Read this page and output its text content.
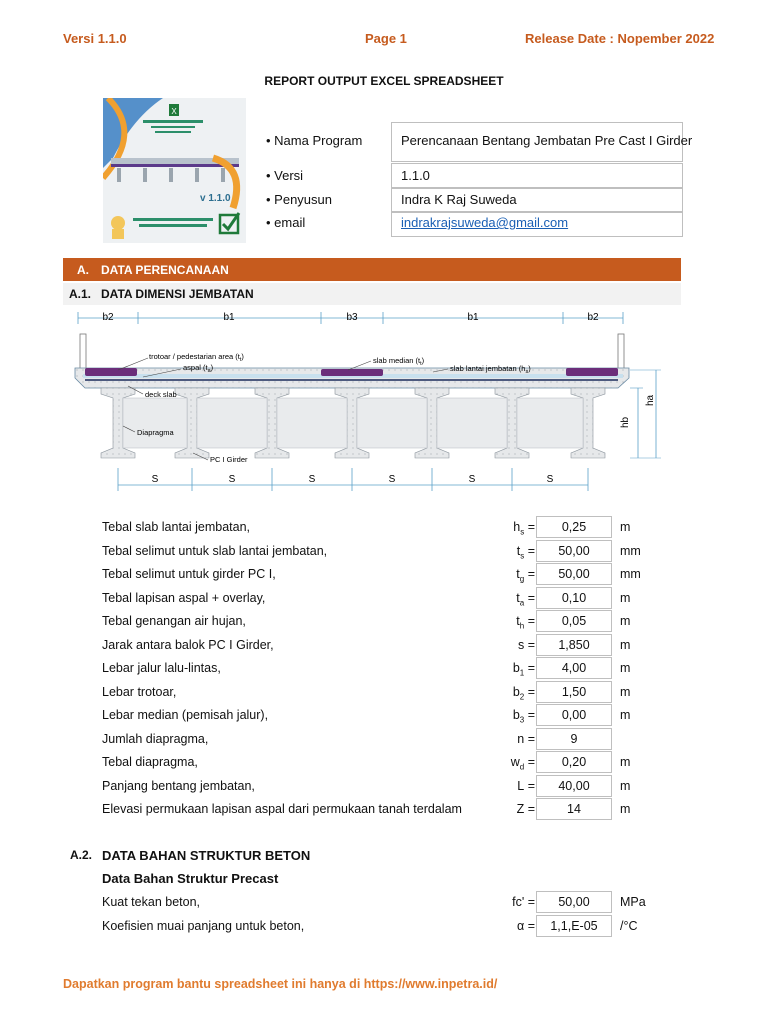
Versi 1.1.0	Page 1	Release Date : Nopember 2022
REPORT OUTPUT EXCEL SPREADSHEET
X
v 1.1.0
• Nama Program	Perencanaan Bentang Jembatan Pre Cast I Girder
• Versi	1.1.0
• Penyusun	Indra K Raj Suweda
• email	indrakrajsuweda@gmail.com
A. DATA PERENCANAAN
A.1. DATA DIMENSI JEMBATAN
b2	b1	b3	b1	b2
trotoar / pedestarian area $(t_t)$
aspal $(t_a)$
slab median $(t_t)$
slab lantai jembatan $(h_s)$
deck slab
Diapragma
PC I Girder
ha
hb
S	S	S	S	S	S
Tebal slab lantai jembatan,	$h_s$ =	0,25	m
Tebal selimut untuk slab lantai jembatan,	$t_s$ =	50,00	mm
Tebal selimut untuk girder PC I,	$t_g$ =	50,00	mm
Tebal lapisan aspal + overlay,	$t_a$ =	0,10	m
Tebal genangan air hujan,	$t_h$ =	0,05	m
Jarak antara balok PC I Girder,	s =	1,850	m
Lebar jalur lalu-lintas,	$b_1$ =	4,00	m
Lebar trotoar,	$b_2$ =	1,50	m
Lebar median (pemisah jalur),	$b_3$ =	0,00	m
Jumlah diapragma,	n =	9
Tebal diapragma,	$w_d$ =	0,20	m
Panjang bentang jembatan,	L =	40,00	m
Elevasi permukaan lapisan aspal dari permukaan tanah terdalam	Z =	14	m
A.2. DATA BAHAN STRUKTUR BETON
Data Bahan Struktur Precast
Kuat tekan beton,	fc' =	50,00	MPa
Koefisien muai panjang untuk beton,	α =	1,1,E-05	/°C
Dapatkan program bantu spreadsheet ini hanya di https://www.inpetra.id/
